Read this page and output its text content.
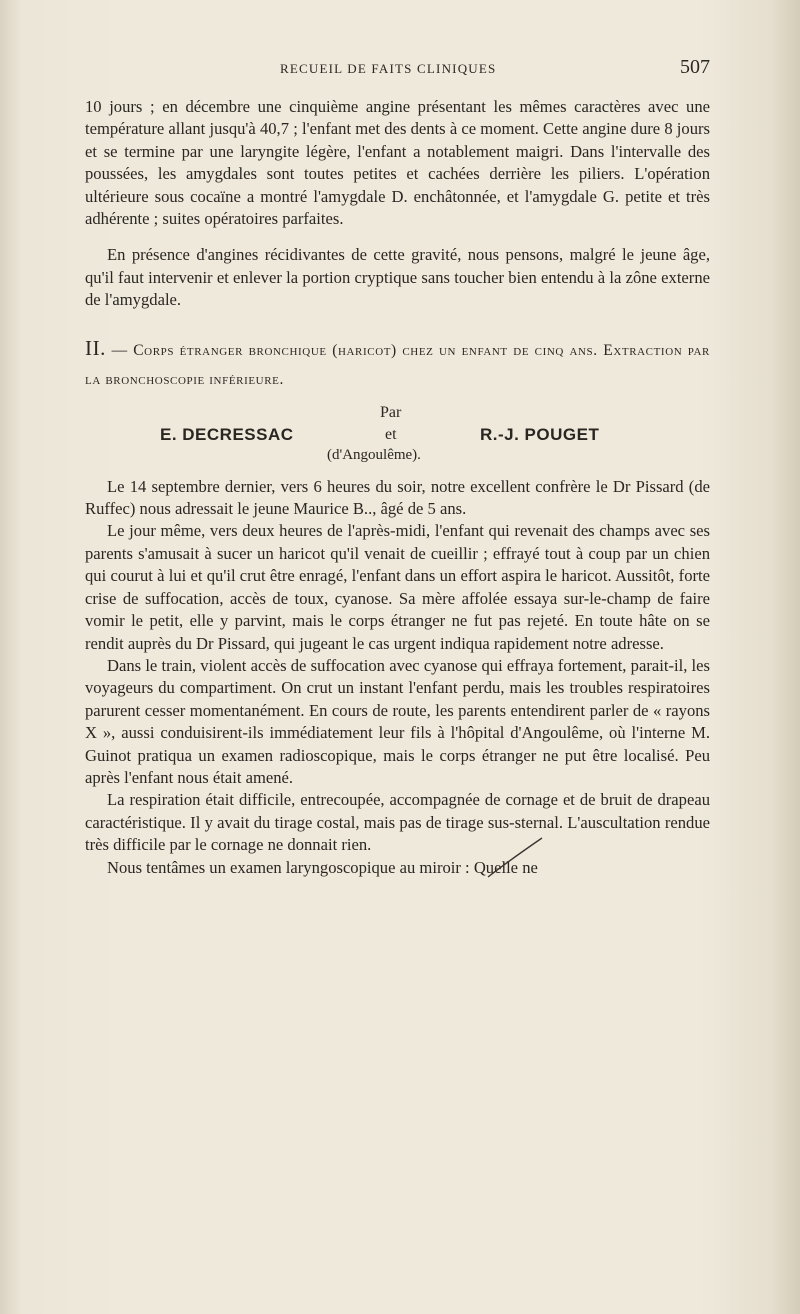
RECUEIL DE FAITS CLINIQUES	507

10 jours ; en décembre une cinquième angine présentant les mêmes caractères avec une température allant jusqu'à 40,7 ; l'enfant met des dents à ce moment. Cette angine dure 8 jours et se termine par une laryngite légère, l'enfant a notablement maigri. Dans l'intervalle des poussées, les amygdales sont toutes petites et cachées derrière les piliers. L'opération ultérieure sous cocaïne a montré l'amygdale D. enchâtonnée, et l'amygdale G. petite et très adhérente ; suites opératoires parfaites.

En présence d'angines récidivantes de cette gravité, nous pensons, malgré le jeune âge, qu'il faut intervenir et enlever la portion cryptique sans toucher bien entendu à la zône externe de l'amygdale.

II. — Corps étranger bronchique (haricot) chez un enfant de cinq ans. Extraction par la bronchoscopie inférieure.
Par
E. DECRESSAC	et	R.-J. POUGET
(d'Angoulême).

Le 14 septembre dernier, vers 6 heures du soir, notre excellent confrère le Dr Pissard (de Ruffec) nous adressait le jeune Maurice B.., âgé de 5 ans.

Le jour même, vers deux heures de l'après-midi, l'enfant qui revenait des champs avec ses parents s'amusait à sucer un haricot qu'il venait de cueillir ; effrayé tout à coup par un chien qui courut à lui et qu'il crut être enragé, l'enfant dans un effort aspira le haricot. Aussitôt, forte crise de suffocation, accès de toux, cyanose. Sa mère affolée essaya sur-le-champ de faire vomir le petit, elle y parvint, mais le corps étranger ne fut pas rejeté. En toute hâte on se rendit auprès du Dr Pissard, qui jugeant le cas urgent indiqua rapidement notre adresse.

Dans le train, violent accès de suffocation avec cyanose qui effraya fortement, parait-il, les voyageurs du compartiment. On crut un instant l'enfant perdu, mais les troubles respiratoires parurent cesser momentanément. En cours de route, les parents entendirent parler de « rayons X », aussi conduisirent-ils immédiatement leur fils à l'hôpital d'Angoulême, où l'interne M. Guinot pratiqua un examen radioscopique, mais le corps étranger ne put être localisé. Peu après l'enfant nous était amené.

La respiration était difficile, entrecoupée, accompagnée de cornage et de bruit de drapeau caractéristique. Il y avait du tirage costal, mais pas de tirage sus-sternal. L'auscultation rendue très difficile par le cornage ne donnait rien.

Nous tentâmes un examen laryngoscopique au miroir : Quelle ne
